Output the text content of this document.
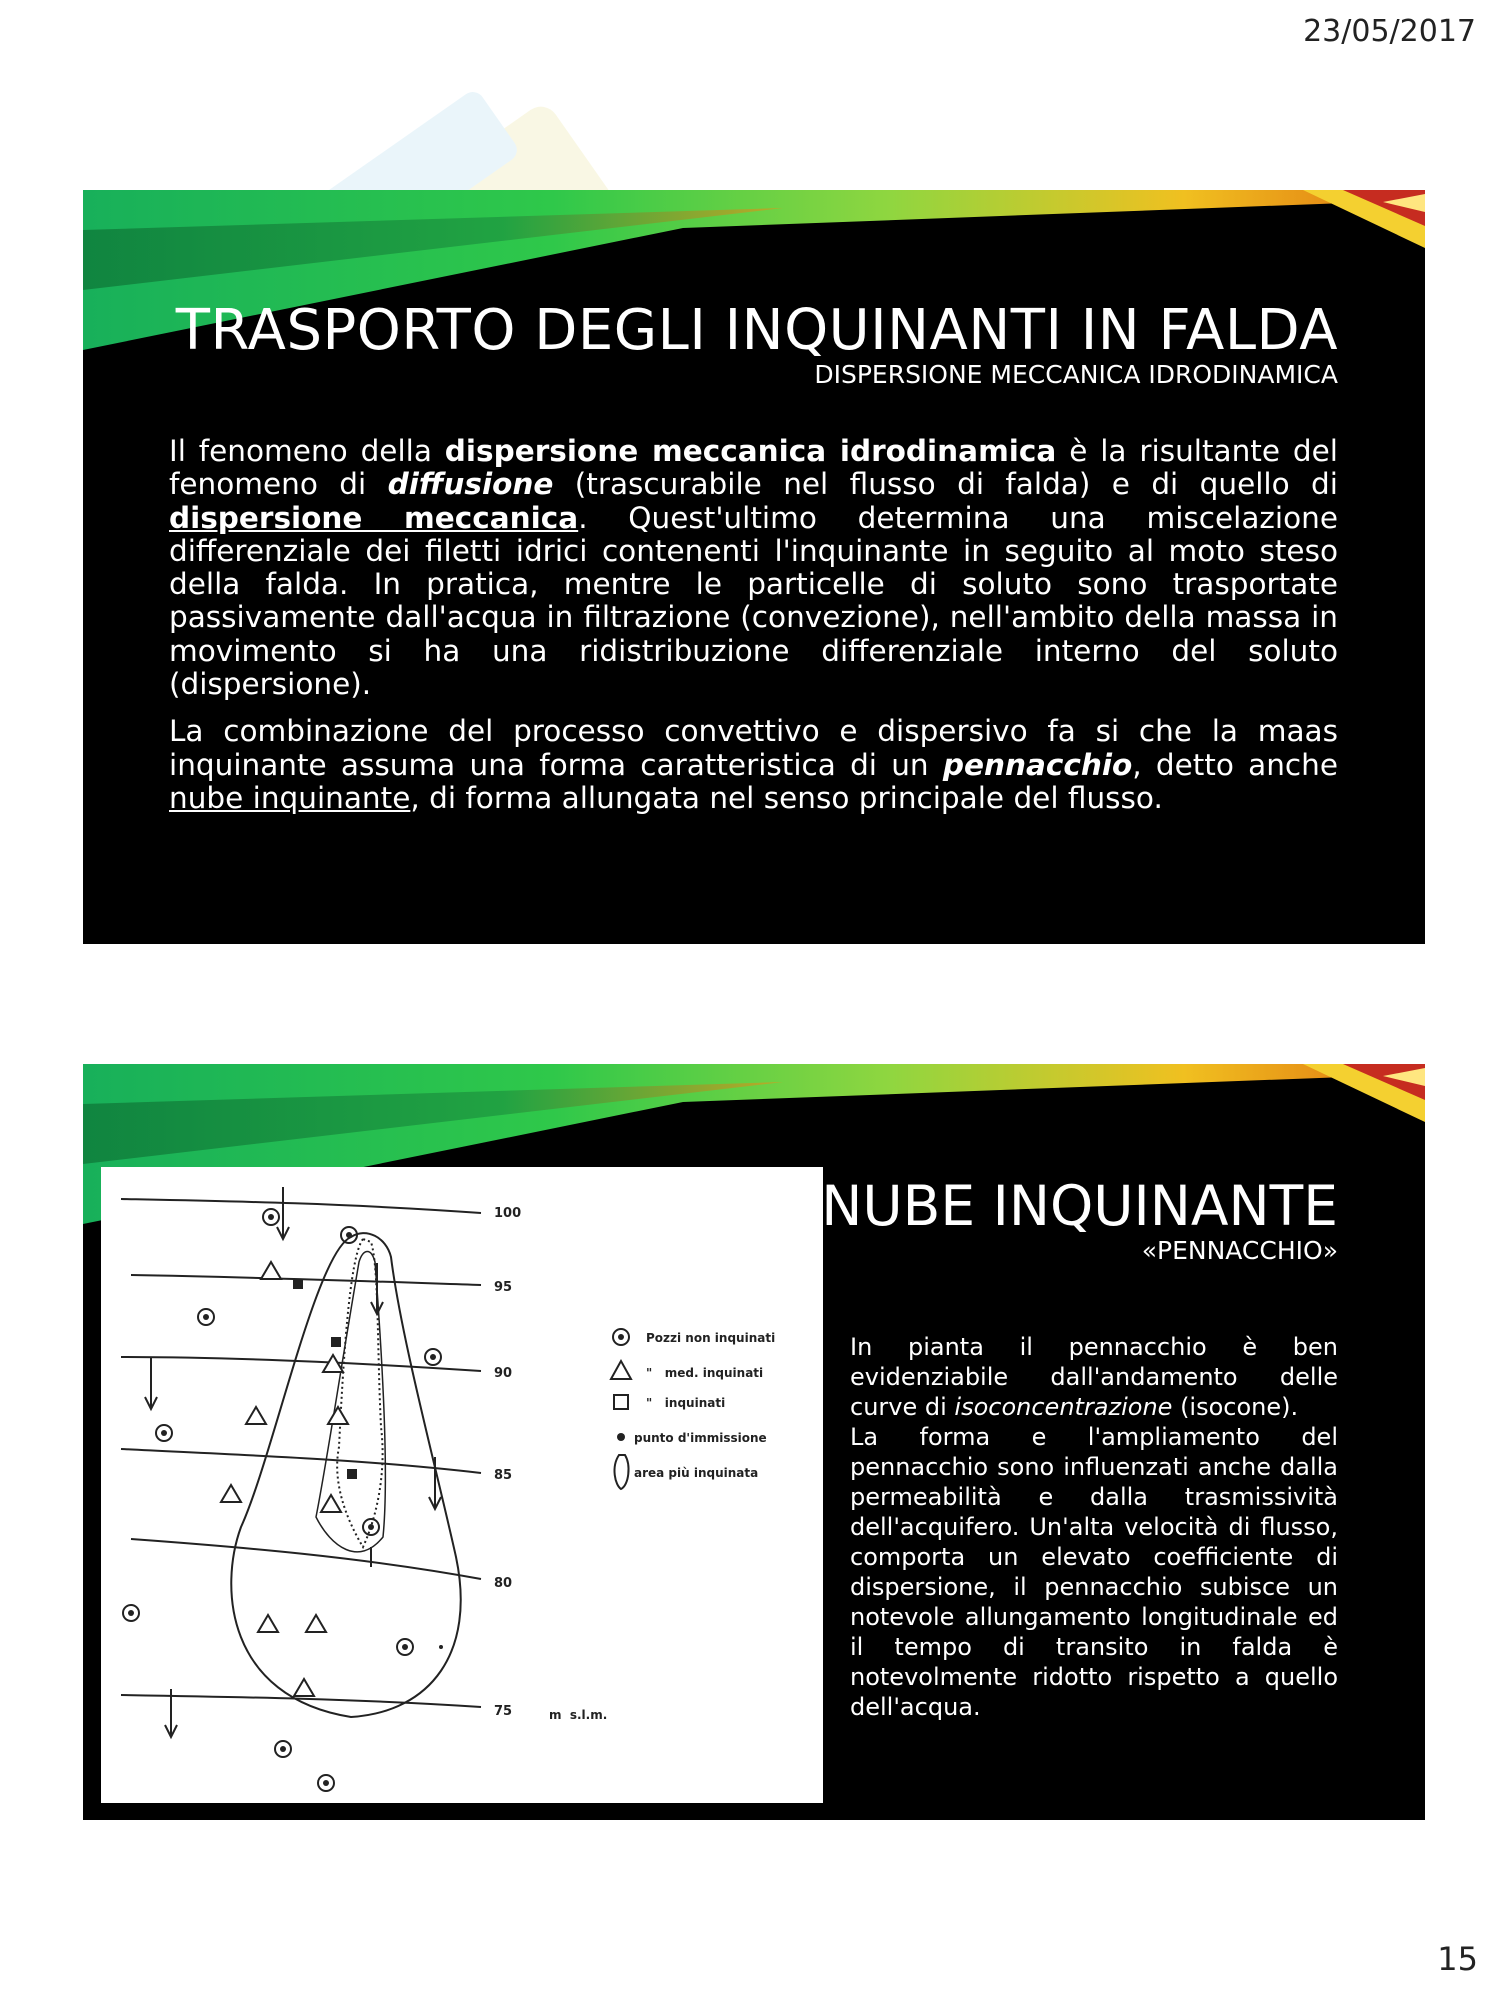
23/05/2017
TRASPORTO DEGLI INQUINANTI IN FALDA
DISPERSIONE MECCANICA IDRODINAMICA

Il fenomeno della dispersione meccanica idrodinamica è la risultante del fenomeno di diffusione (trascurabile nel flusso di falda) e di quello di dispersione meccanica. Quest'ultimo determina una miscelazione differenziale dei filetti idrici contenenti l'inquinante in seguito al moto steso della falda. In pratica, mentre le particelle di soluto sono trasportate passivamente dall'acqua in filtrazione (convezione), nell'ambito della massa in movimento si ha una ridistribuzione differenziale interno del soluto (dispersione).

La combinazione del processo convettivo e dispersivo fa si che la maas inquinante assuma una forma caratteristica di un pennacchio, detto anche nube inquinante, di forma allungata nel senso principale del flusso.

100
95
90
85
80
75	m  s.l.m.
Pozzi non inquinati
"   med. inquinati
"   inquinati
punto d'immissione
area più inquinata
NUBE INQUINANTE
«PENNACCHIO»

In pianta il pennacchio è ben evidenziabile dall'andamento delle curve di isoconcentrazione (isocone).

La forma e l'ampliamento del pennacchio sono influenzati anche dalla permeabilità e dalla trasmissività dell'acquifero. Un'alta velocità di flusso, comporta un elevato coefficiente di dispersione, il pennacchio subisce un notevole allungamento longitudinale ed il tempo di transito in falda è notevolmente ridotto rispetto a quello dell'acqua.

15
